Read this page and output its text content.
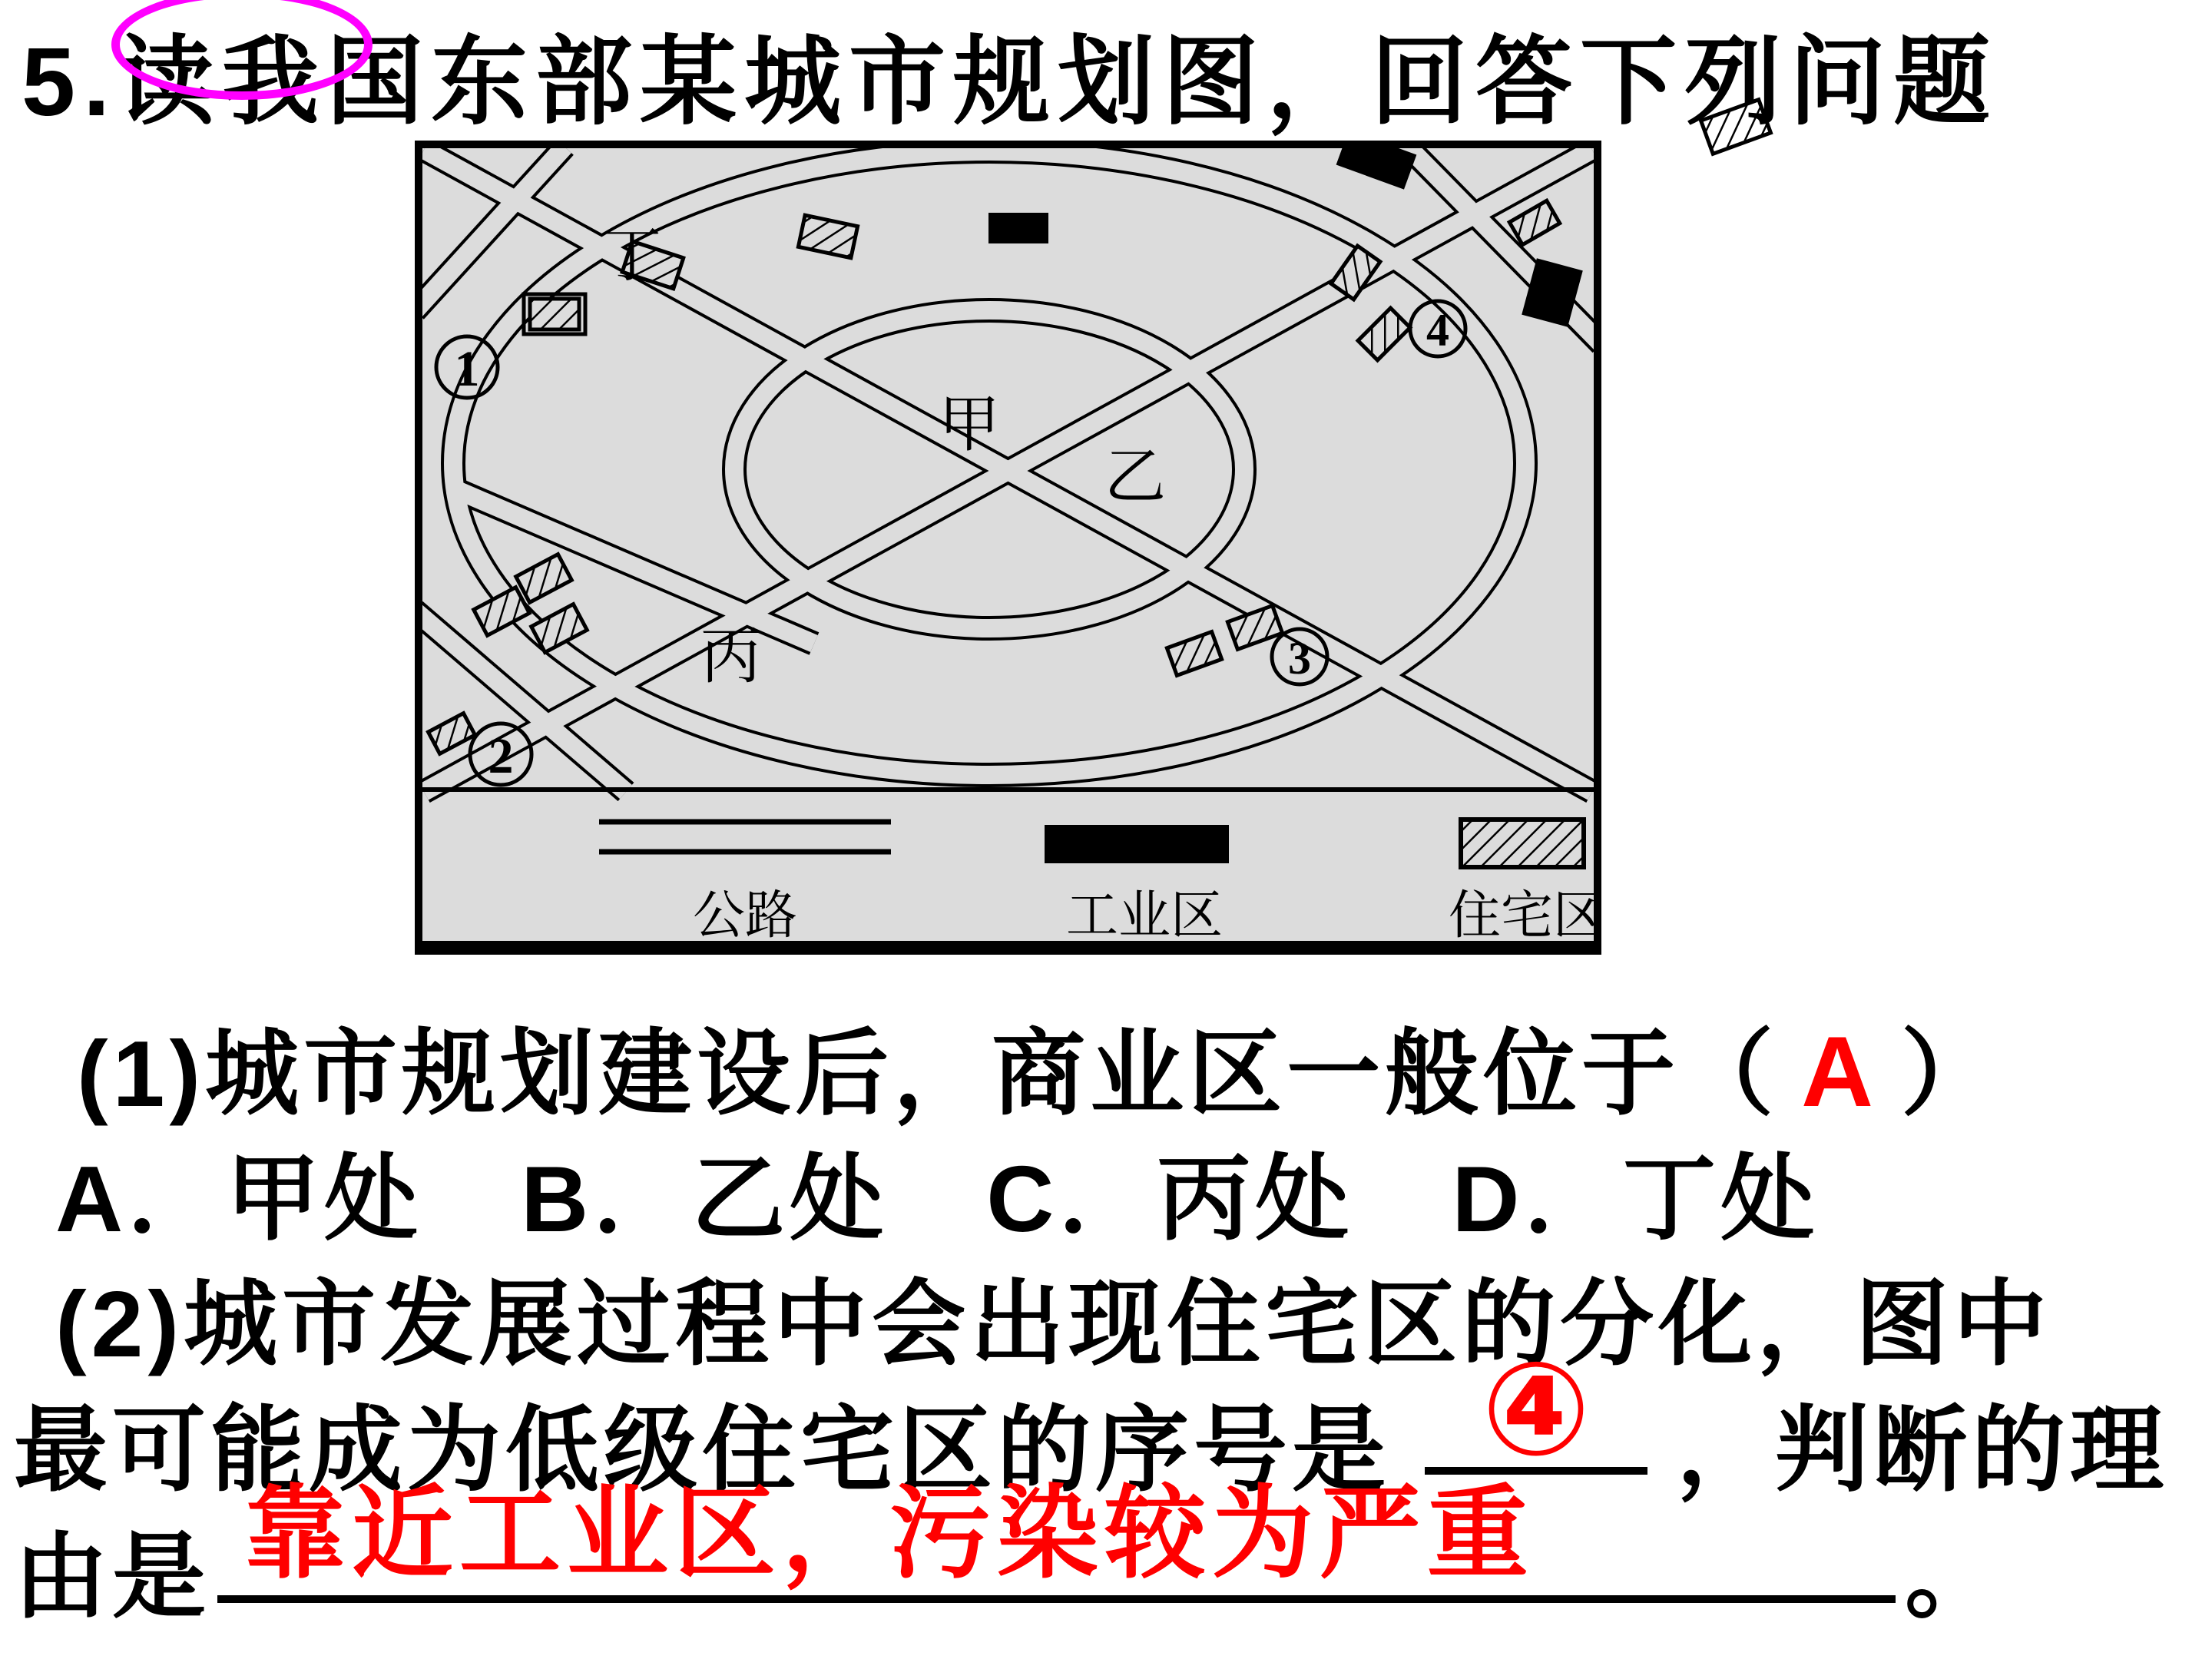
5.读我国东部某城市规划图，回答下列问题
丁
甲
乙
丙
1
2
3
4
公路	工业区	住宅区
(1)城市规划建设后，商业区一般位于（ A ）
A．甲处　B．乙处　C．丙处　D．丁处
(2)城市发展过程中会出现住宅区的分化，图中
最可能成为低级住宅区的序号是 ④ ，判断的理
由是 靠近工业区，污染较为严重	。
